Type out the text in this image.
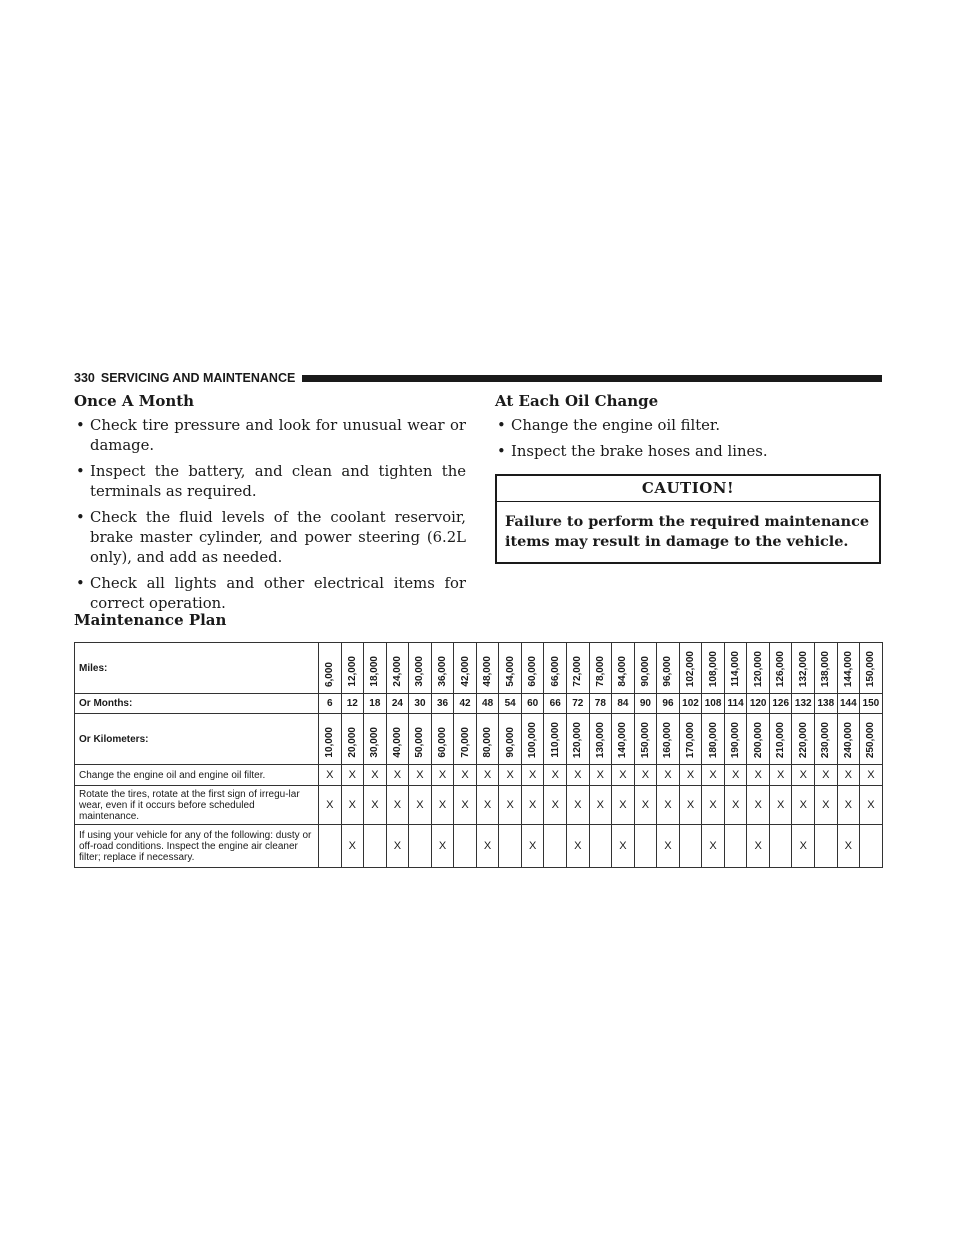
330 SERVICING AND MAINTENANCE
Once A Month
• Check tire pressure and look for unusual wear or damage.
• Inspect the battery, and clean and tighten the terminals as required.
• Check the fluid levels of the coolant reservoir, brake master cylinder, and power steering (6.2L only), and add as needed.
• Check all lights and other electrical items for correct operation.
At Each Oil Change
• Change the engine oil filter.
• Inspect the brake hoses and lines.
CAUTION!
Failure to perform the required maintenance items may result in damage to the vehicle.
Maintenance Plan
Miles:	6,000	12,000	18,000	24,000	30,000	36,000	42,000	48,000	54,000	60,000	66,000	72,000	78,000	84,000	90,000	96,000	102,000	108,000	114,000	120,000	126,000	132,000	138,000	144,000	150,000
Or Months:	6	12	18	24	30	36	42	48	54	60	66	72	78	84	90	96	102	108	114	120	126	132	138	144	150
Or Kilometers:	10,000	20,000	30,000	40,000	50,000	60,000	70,000	80,000	90,000	100,000	110,000	120,000	130,000	140,000	150,000	160,000	170,000	180,000	190,000	200,000	210,000	220,000	230,000	240,000	250,000
Change the engine oil and engine oil filter.	X	X	X	X	X	X	X	X	X	X	X	X	X	X	X	X	X	X	X	X	X	X	X	X	X
Rotate the tires, rotate at the first sign of irregu-lar wear, even if it occurs before scheduled maintenance.	X	X	X	X	X	X	X	X	X	X	X	X	X	X	X	X	X	X	X	X	X	X	X	X	X
If using your vehicle for any of the following: dusty or off-road conditions. Inspect the engine air cleaner filter; replace if necessary.		X		X		X		X		X		X		X		X		X		X		X		X	
